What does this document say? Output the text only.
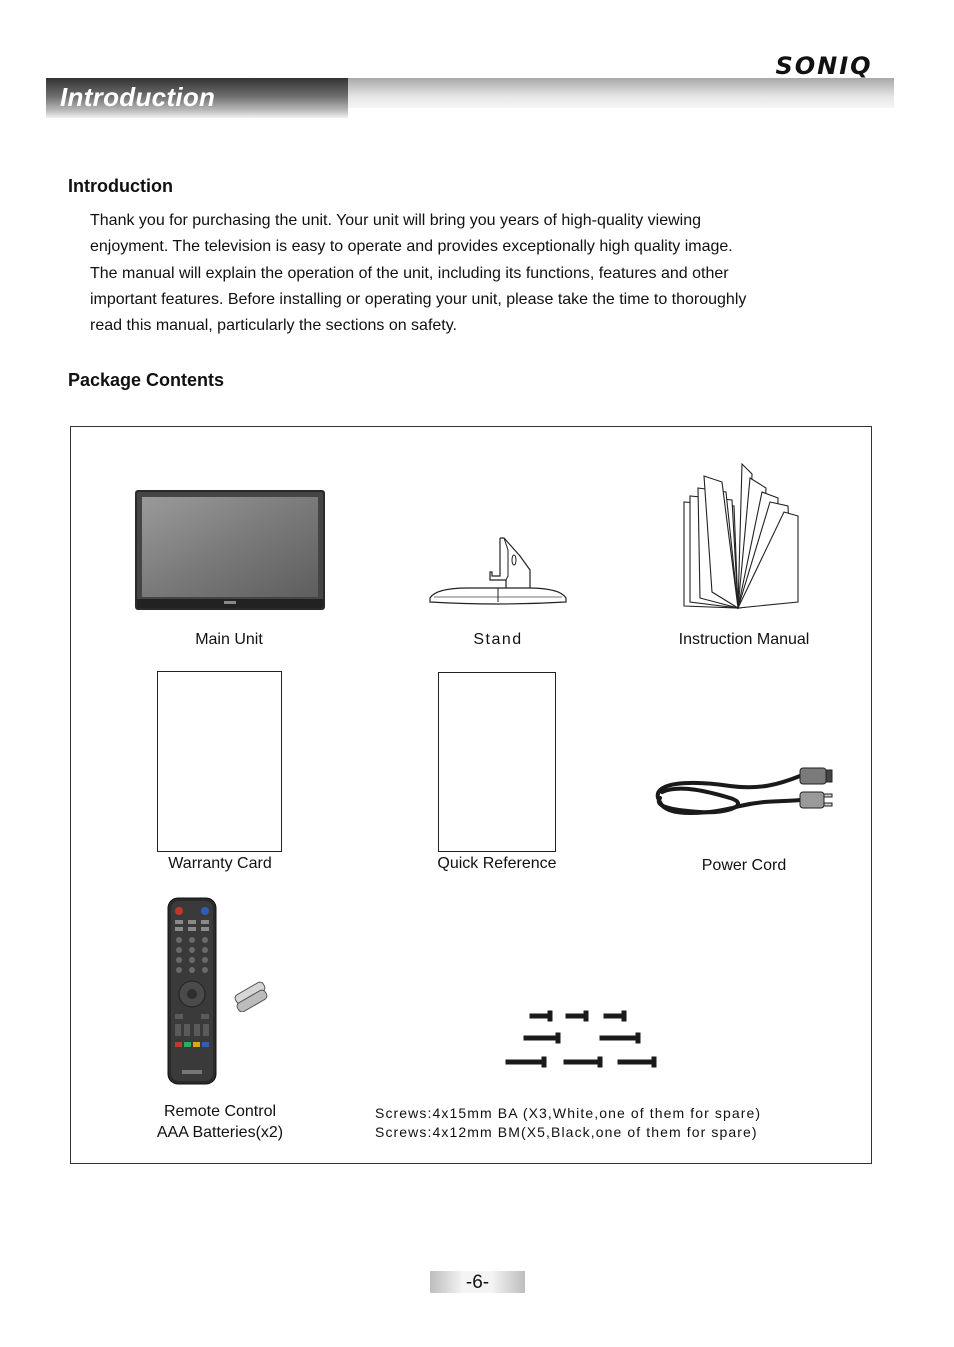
SONIQ
Introduction
Introduction

Thank you for purchasing the unit. Your unit will bring you years of high-quality viewing

enjoyment. The television is easy to operate and provides exceptionally high quality image.

The manual will explain the operation of the unit, including its functions, features and other

important features. Before installing or operating your unit, please take the time to thoroughly

read this manual, particularly the sections on safety.

Package Contents
Main Unit	Stand	Instruction Manual
Warranty Card	Quick Reference	Power Cord
Remote Control
AAA Batteries(x2)
Screws:4x15mm BA (X3,White,one of them for spare)
Screws:4x12mm BM(X5,Black,one of them for spare)
-6-
